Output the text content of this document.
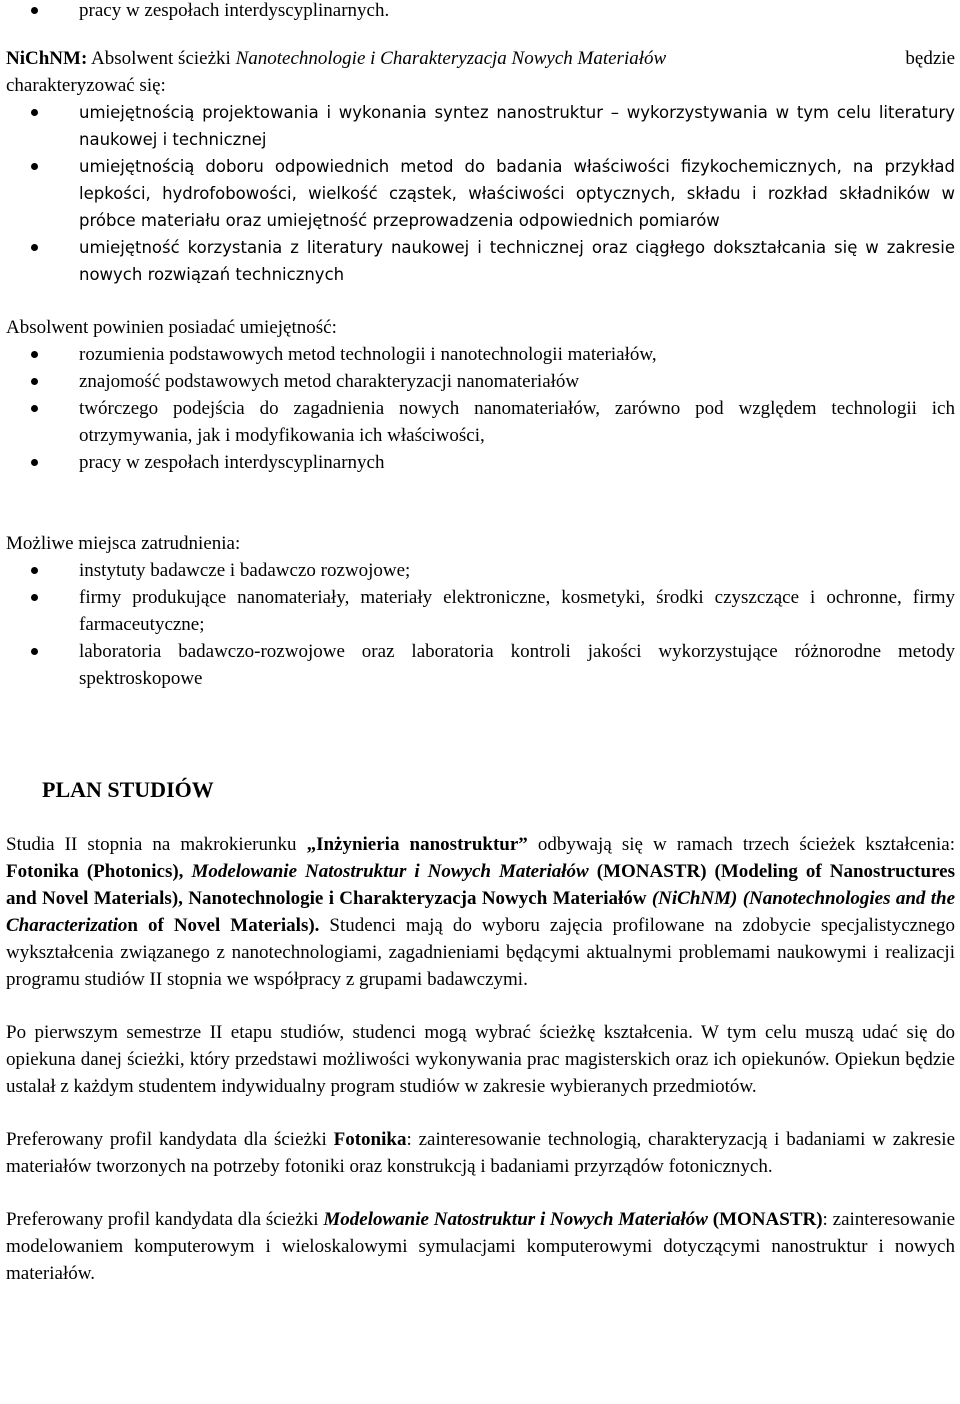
pracy w zespołach interdyscyplinarnych.

NiChNM: Absolwent ścieżki Nanotechnologie i Charakteryzacja Nowych Materiałów	będzie

charakteryzować się:

umiejętnością projektowania i wykonania syntez nanostruktur – wykorzystywania w tym celu literatury naukowej i technicznej
umiejętnością doboru odpowiednich metod do badania właściwości fizykochemicznych, na przykład lepkości, hydrofobowości, wielkość cząstek, właściwości optycznych, składu i rozkład składników w próbce materiału oraz umiejętność przeprowadzenia odpowiednich pomiarów
umiejętność korzystania z literatury naukowej i technicznej oraz ciągłego dokształcania się w zakresie nowych rozwiązań technicznych

Absolwent powinien posiadać umiejętność:

rozumienia podstawowych metod technologii i nanotechnologii materiałów,
znajomość podstawowych metod charakteryzacji nanomateriałów
twórczego podejścia do zagadnienia nowych nanomateriałów, zarówno pod względem technologii ich otrzymywania, jak i modyfikowania ich właściwości,
pracy w zespołach interdyscyplinarnych

Możliwe miejsca zatrudnienia:

instytuty badawcze i badawczo rozwojowe;
firmy produkujące nanomateriały, materiały elektroniczne, kosmetyki, środki czyszczące i ochronne, firmy farmaceutyczne;
laboratoria badawczo-rozwojowe oraz laboratoria kontroli jakości wykorzystujące różnorodne metody spektroskopowe
PLAN STUDIÓW

Studia II stopnia na makrokierunku „Inżynieria nanostruktur” odbywają się w ramach trzech ścieżek kształcenia: Fotonika (Photonics), Modelowanie Natostruktur i Nowych Materiałów (MONASTR) (Modeling of Nanostructures and Novel Materials), Nanotechnologie i Charakteryzacja Nowych Materiałów (NiChNM) (Nanotechnologies and the Characterization of Novel Materials). Studenci mają do wyboru zajęcia profilowane na zdobycie specjalistycznego wykształcenia związanego z nanotechnologiami, zagadnieniami będącymi aktualnymi problemami naukowymi i realizacji programu studiów II stopnia we współpracy z grupami badawczymi.

Po pierwszym semestrze II etapu studiów, studenci mogą wybrać ścieżkę kształcenia. W tym celu muszą udać się do opiekuna danej ścieżki, który przedstawi możliwości wykonywania prac magisterskich oraz ich opiekunów. Opiekun będzie ustalał z każdym studentem indywidualny program studiów w zakresie wybieranych przedmiotów.

Preferowany profil kandydata dla ścieżki Fotonika: zainteresowanie technologią, charakteryzacją i badaniami w zakresie materiałów tworzonych na potrzeby fotoniki oraz konstrukcją i badaniami przyrządów fotonicznych.

Preferowany profil kandydata dla ścieżki Modelowanie Natostruktur i Nowych Materiałów (MONASTR): zainteresowanie modelowaniem komputerowym i wieloskalowymi symulacjami komputerowymi dotyczącymi nanostruktur i nowych materiałów.
